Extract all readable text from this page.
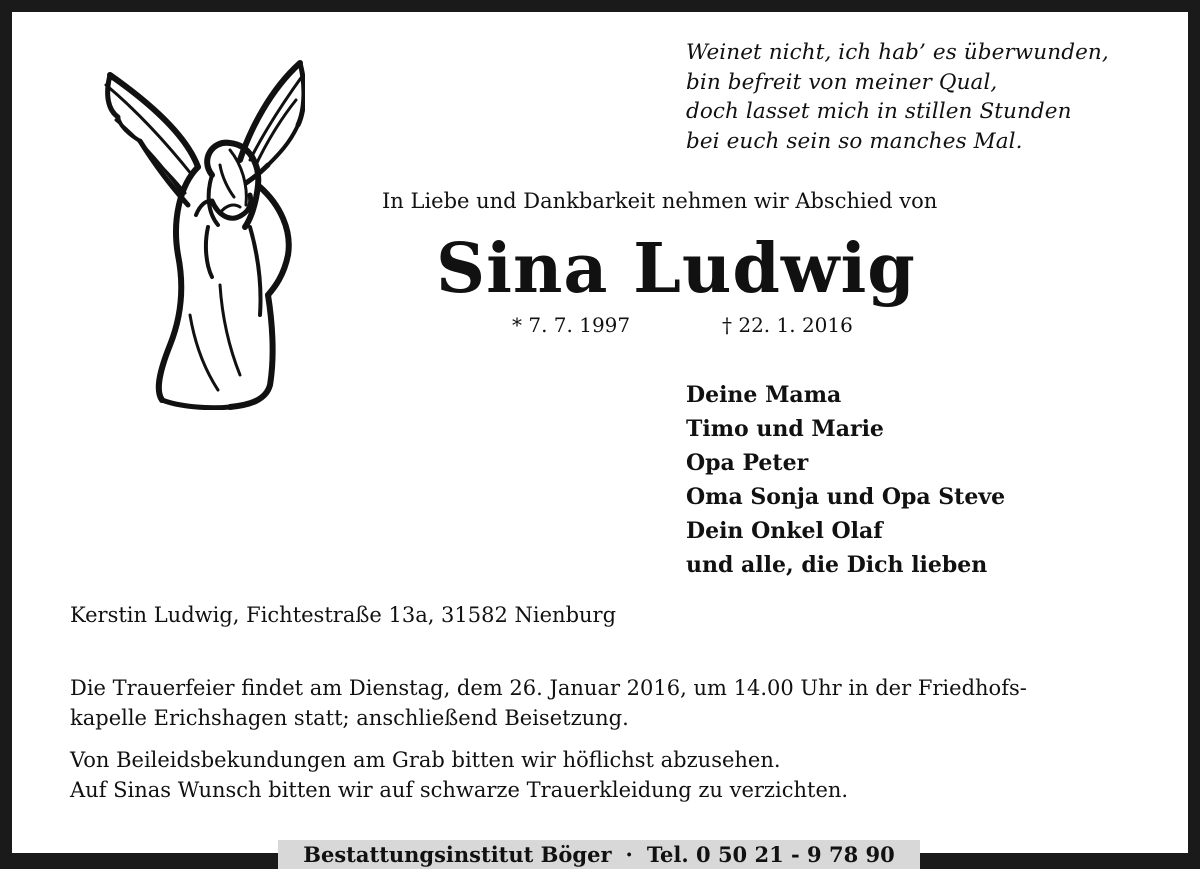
Weinet nicht, ich hab’ es überwunden,
bin befreit von meiner Qual,
doch lasset mich in stillen Stunden
bei euch sein so manches Mal.
In Liebe und Dankbarkeit nehmen wir Abschied von
Sina Ludwig
* 7. 7. 1997	† 22. 1. 2016
Deine Mama
Timo und Marie
Opa Peter
Oma Sonja und Opa Steve
Dein Onkel Olaf
und alle, die Dich lieben
Kerstin Ludwig, Fichtestraße 13a, 31582 Nienburg
Die Trauerfeier findet am Dienstag, dem 26. Januar 2016, um 14.00 Uhr in der Friedhofs-
kapelle Erichshagen statt; anschließend Beisetzung.
Von Beileidsbekundungen am Grab bitten wir höflichst abzusehen.
Auf Sinas Wunsch bitten wir auf schwarze Trauerkleidung zu verzichten.
Bestattungsinstitut Böger · Tel. 0 50 21 - 9 78 90
